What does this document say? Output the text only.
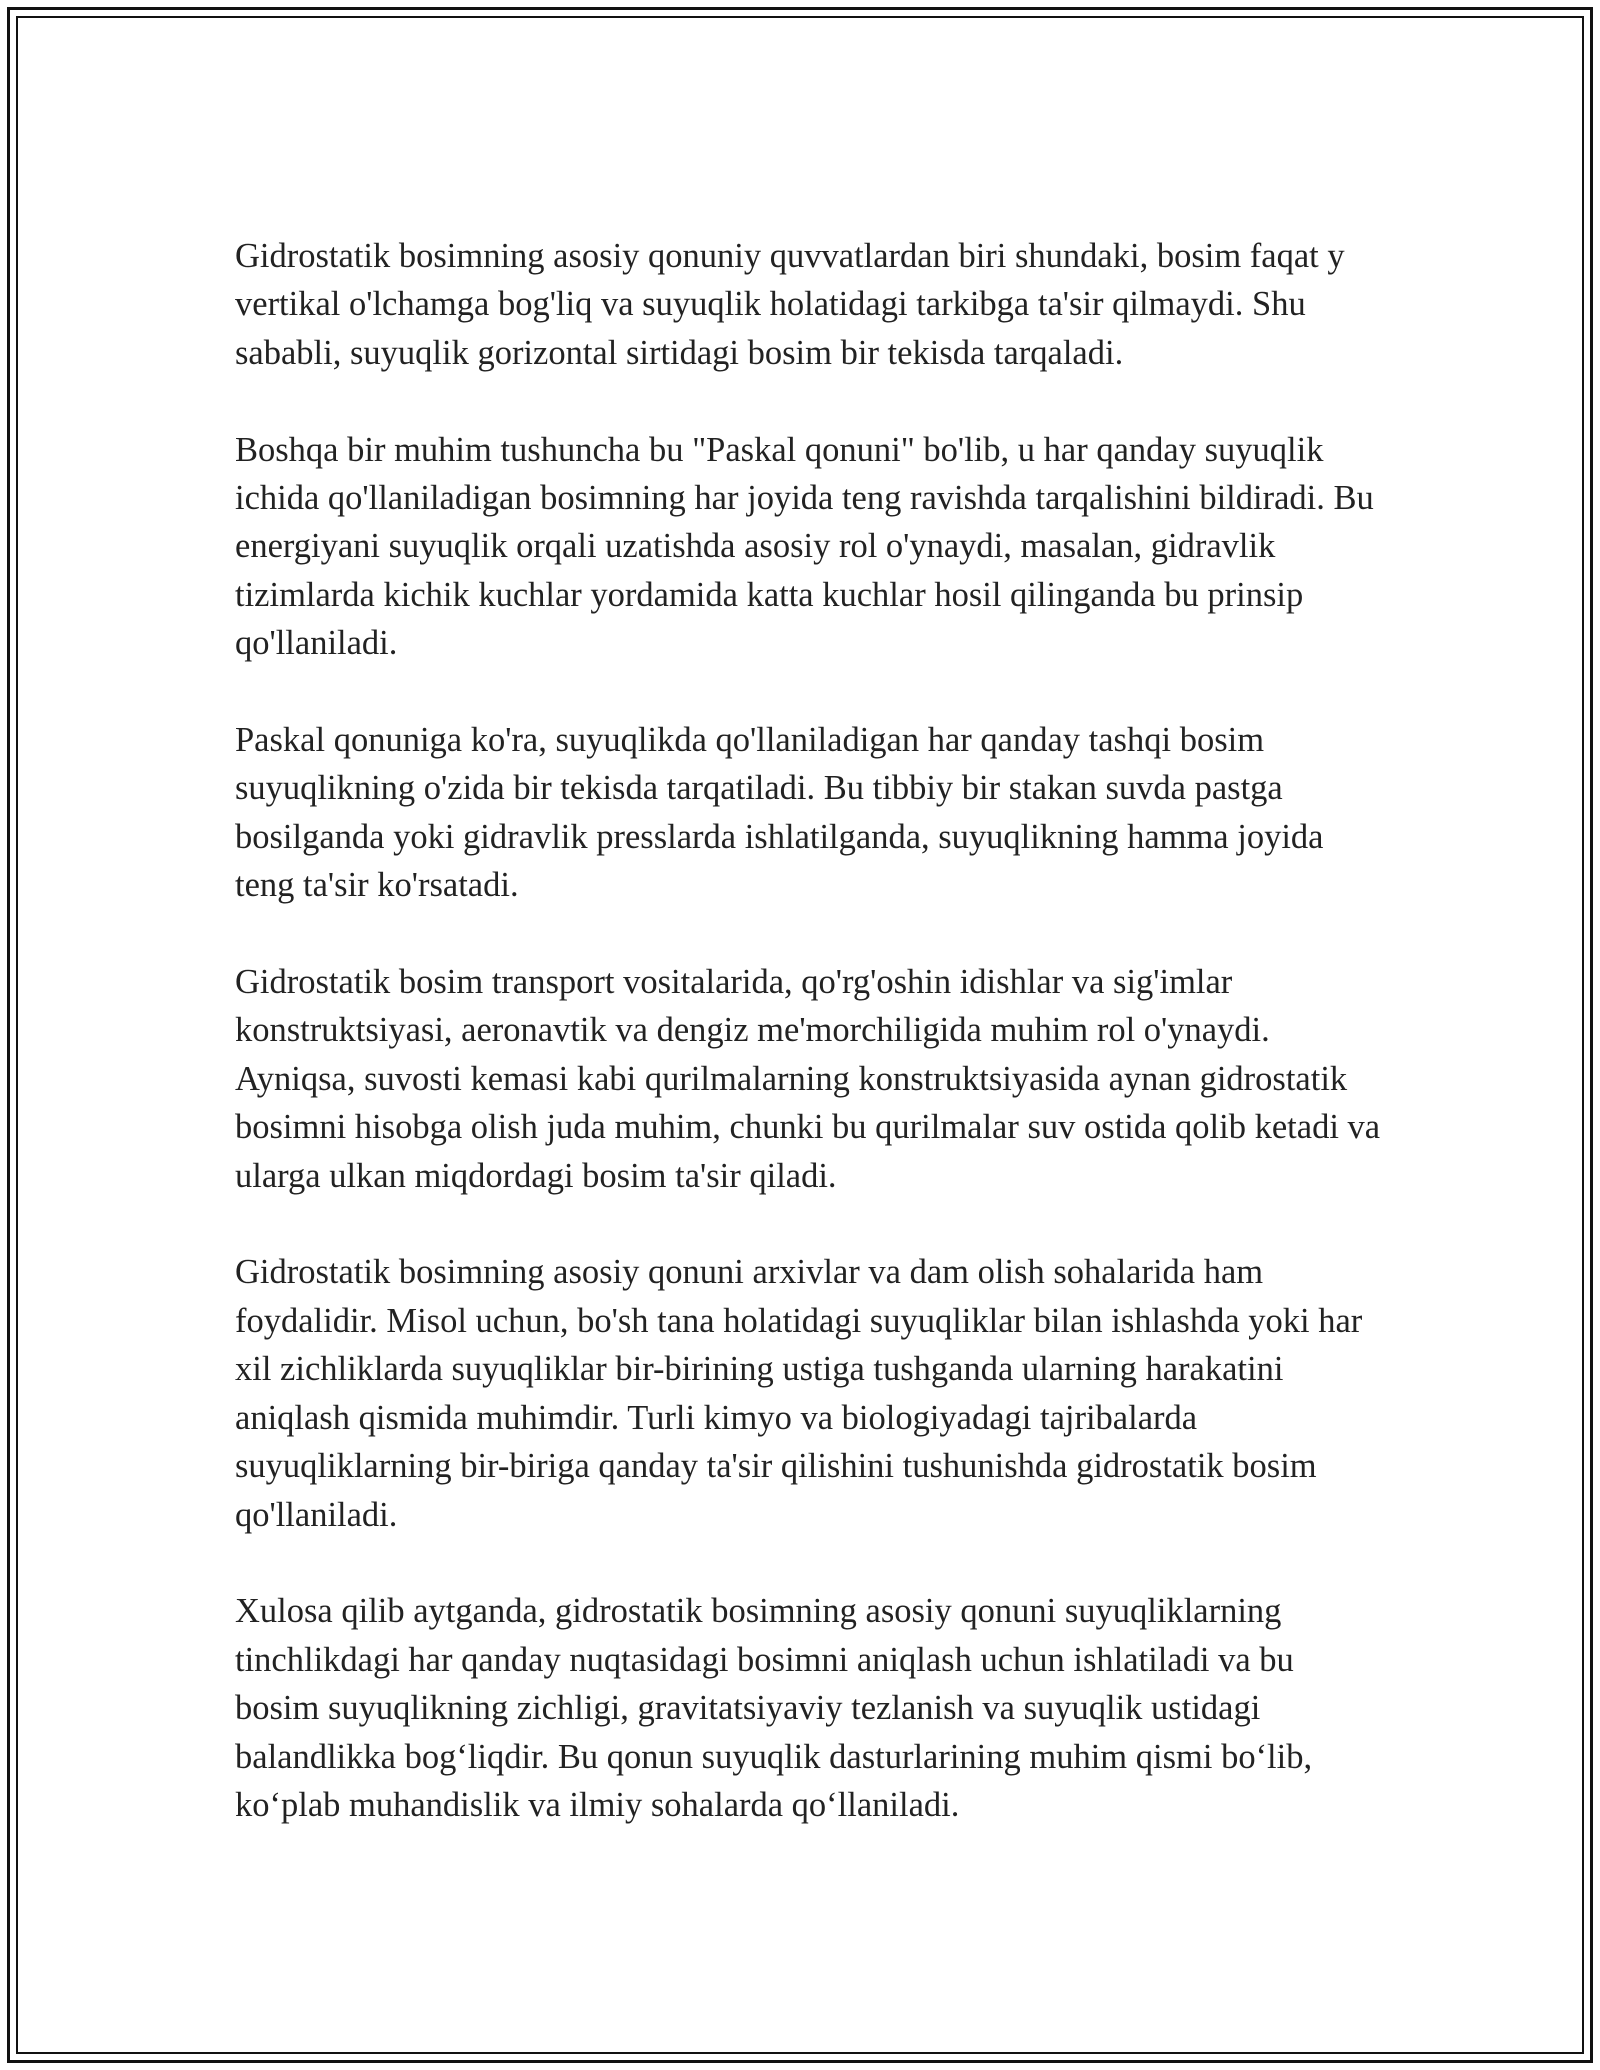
Gidrostatik bosimning asosiy qonuniy quvvatlardan biri shundaki, bosim faqat y vertikal o'lchamga bog'liq va suyuqlik holatidagi tarkibga ta'sir qilmaydi. Shu sababli, suyuqlik gorizontal sirtidagi bosim bir tekisda tarqaladi.

Boshqa bir muhim tushuncha bu "Paskal qonuni" bo'lib, u har qanday suyuqlik ichida qo'llaniladigan bosimning har joyida teng ravishda tarqalishini bildiradi. Bu energiyani suyuqlik orqali uzatishda asosiy rol o'ynaydi, masalan, gidravlik tizimlarda kichik kuchlar yordamida katta kuchlar hosil qilinganda bu prinsip qo'llaniladi.

Paskal qonuniga ko'ra, suyuqlikda qo'llaniladigan har qanday tashqi bosim suyuqlikning o'zida bir tekisda tarqatiladi. Bu tibbiy bir stakan suvda pastga bosilganda yoki gidravlik presslarda ishlatilganda, suyuqlikning hamma joyida teng ta'sir ko'rsatadi.

Gidrostatik bosim transport vositalarida, qo'rg'oshin idishlar va sig'imlar konstruktsiyasi, aeronavtik va dengiz me'morchiligida muhim rol o'ynaydi. Ayniqsa, suvosti kemasi kabi qurilmalarning konstruktsiyasida aynan gidrostatik bosimni hisobga olish juda muhim, chunki bu qurilmalar suv ostida qolib ketadi va ularga ulkan miqdordagi bosim ta'sir qiladi.

Gidrostatik bosimning asosiy qonuni arxivlar va dam olish sohalarida ham foydalidir. Misol uchun, bo'sh tana holatidagi suyuqliklar bilan ishlashda yoki har xil zichliklarda suyuqliklar bir-birining ustiga tushganda ularning harakatini aniqlash qismida muhimdir. Turli kimyo va biologiyadagi tajribalarda suyuqliklarning bir-biriga qanday ta'sir qilishini tushunishda gidrostatik bosim qo'llaniladi.

Xulosa qilib aytganda, gidrostatik bosimning asosiy qonuni suyuqliklarning tinchlikdagi har qanday nuqtasidagi bosimni aniqlash uchun ishlatiladi va bu bosim suyuqlikning zichligi, gravitatsiyaviy tezlanish va suyuqlik ustidagi balandlikka bog‘liqdir. Bu qonun suyuqlik dasturlarining muhim qismi bo‘lib, ko‘plab muhandislik va ilmiy sohalarda qo‘llaniladi.
